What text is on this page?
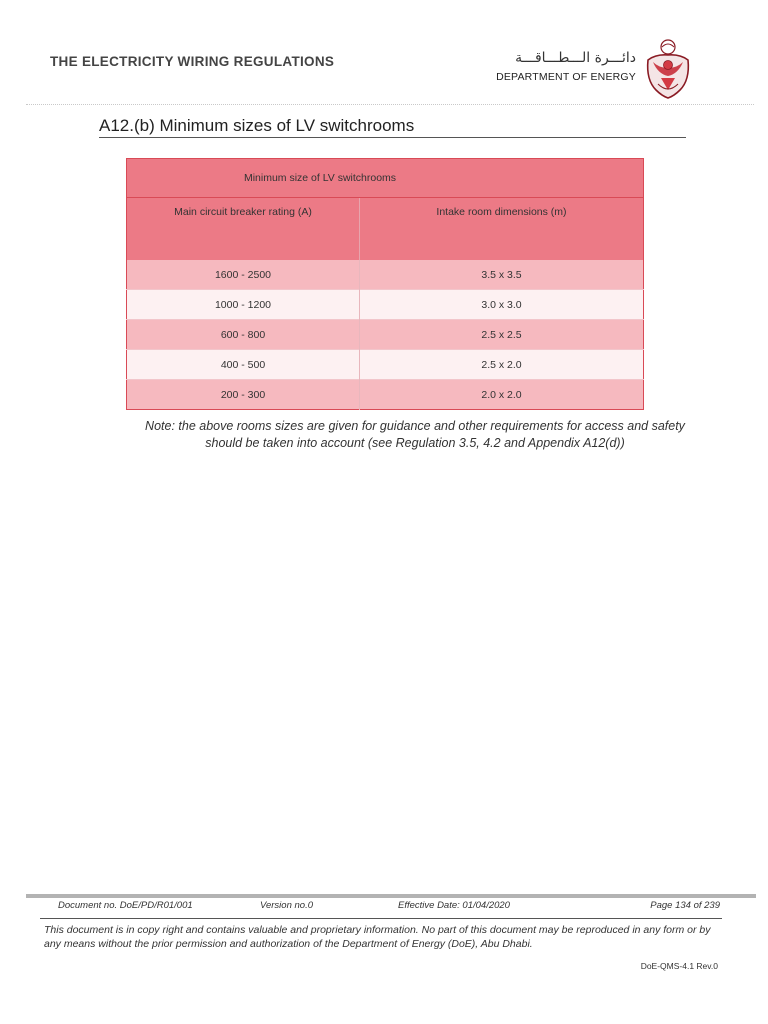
THE ELECTRICITY WIRING REGULATIONS	دائـــرة الـــطـــاقـــة
DEPARTMENT OF ENERGY
A12.(b) Minimum sizes of LV switchrooms
Minimum size of LV switchrooms	

Main circuit breaker rating (A)	Intake room dimensions (m)
1600 - 2500	3.5 x 3.5
1000 - 1200	3.0 x 3.0
600 - 800	2.5 x 2.5
400 - 500	2.5 x 2.0
200 - 300	2.0 x 2.0
Note: the above rooms sizes are given for guidance and other requirements for access and safety should be taken into account (see Regulation 3.5, 4.2 and Appendix A12(d))
Document no. DoE/PD/R01/001	Version no.0	Effective Date: 01/04/2020	Page 134 of 239
This document is in copy right and contains valuable and proprietary information. No part of this document may be reproduced in any form or by any means without the prior permission and authorization of the Department of Energy (DoE), Abu Dhabi.
DoE-QMS-4.1 Rev.0
